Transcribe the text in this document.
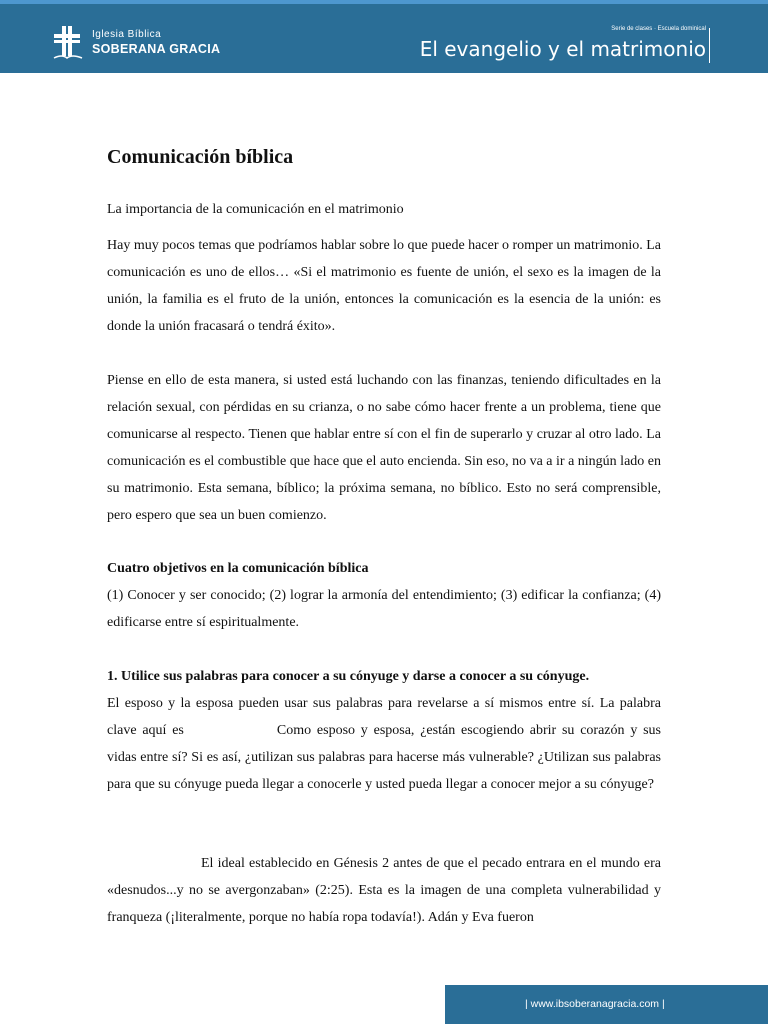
Iglesia Bíblica
SOBERANA GRACIA
Serie de clases · Escuela dominical
El evangelio y el matrimonio
Comunicación bíblica
La importancia de la comunicación en el matrimonio
Hay muy pocos temas que podríamos hablar sobre lo que puede hacer o romper un matrimonio. La comunicación es uno de ellos… «Si el matrimonio es fuente de unión, el sexo es la imagen de la unión, la familia es el fruto de la unión, entonces la comunicación es la esencia de la unión: es donde la unión fracasará o tendrá éxito».
Piense en ello de esta manera, si usted está luchando con las finanzas, teniendo dificultades en la relación sexual, con pérdidas en su crianza, o no sabe cómo hacer frente a un problema, tiene que comunicarse al respecto. Tienen que hablar entre sí con el fin de superarlo y cruzar al otro lado. La comunicación es el combustible que hace que el auto encienda. Sin eso, no va a ir a ningún lado en su matrimonio. Esta semana, bíblico; la próxima semana, no bíblico. Esto no será comprensible, pero espero que sea un buen comienzo.
Cuatro objetivos en la comunicación bíblica
(1) Conocer y ser conocido; (2) lograr la armonía del entendimiento; (3) edificar la confianza; (4) edificarse entre sí espiritualmente.
1. Utilice sus palabras para conocer a su cónyuge y darse a conocer a su cónyuge.
El esposo y la esposa pueden usar sus palabras para revelarse a sí mismos entre sí. La palabra clave aquí es	Como esposo y esposa, ¿están escogiendo abrir su corazón y sus vidas entre sí? Si es así, ¿utilizan sus palabras para hacerse más vulnerable? ¿Utilizan sus palabras para que su cónyuge pueda llegar a conocerle y usted pueda llegar a conocer mejor a su cónyuge?
El ideal establecido en Génesis 2 antes de que el pecado entrara en el mundo era «desnudos...y no se avergonzaban» (2:25). Esta es la imagen de una completa vulnerabilidad y franqueza (¡literalmente, porque no había ropa todavía!). Adán y Eva fueron
| www.ibsoberanagracia.com |
